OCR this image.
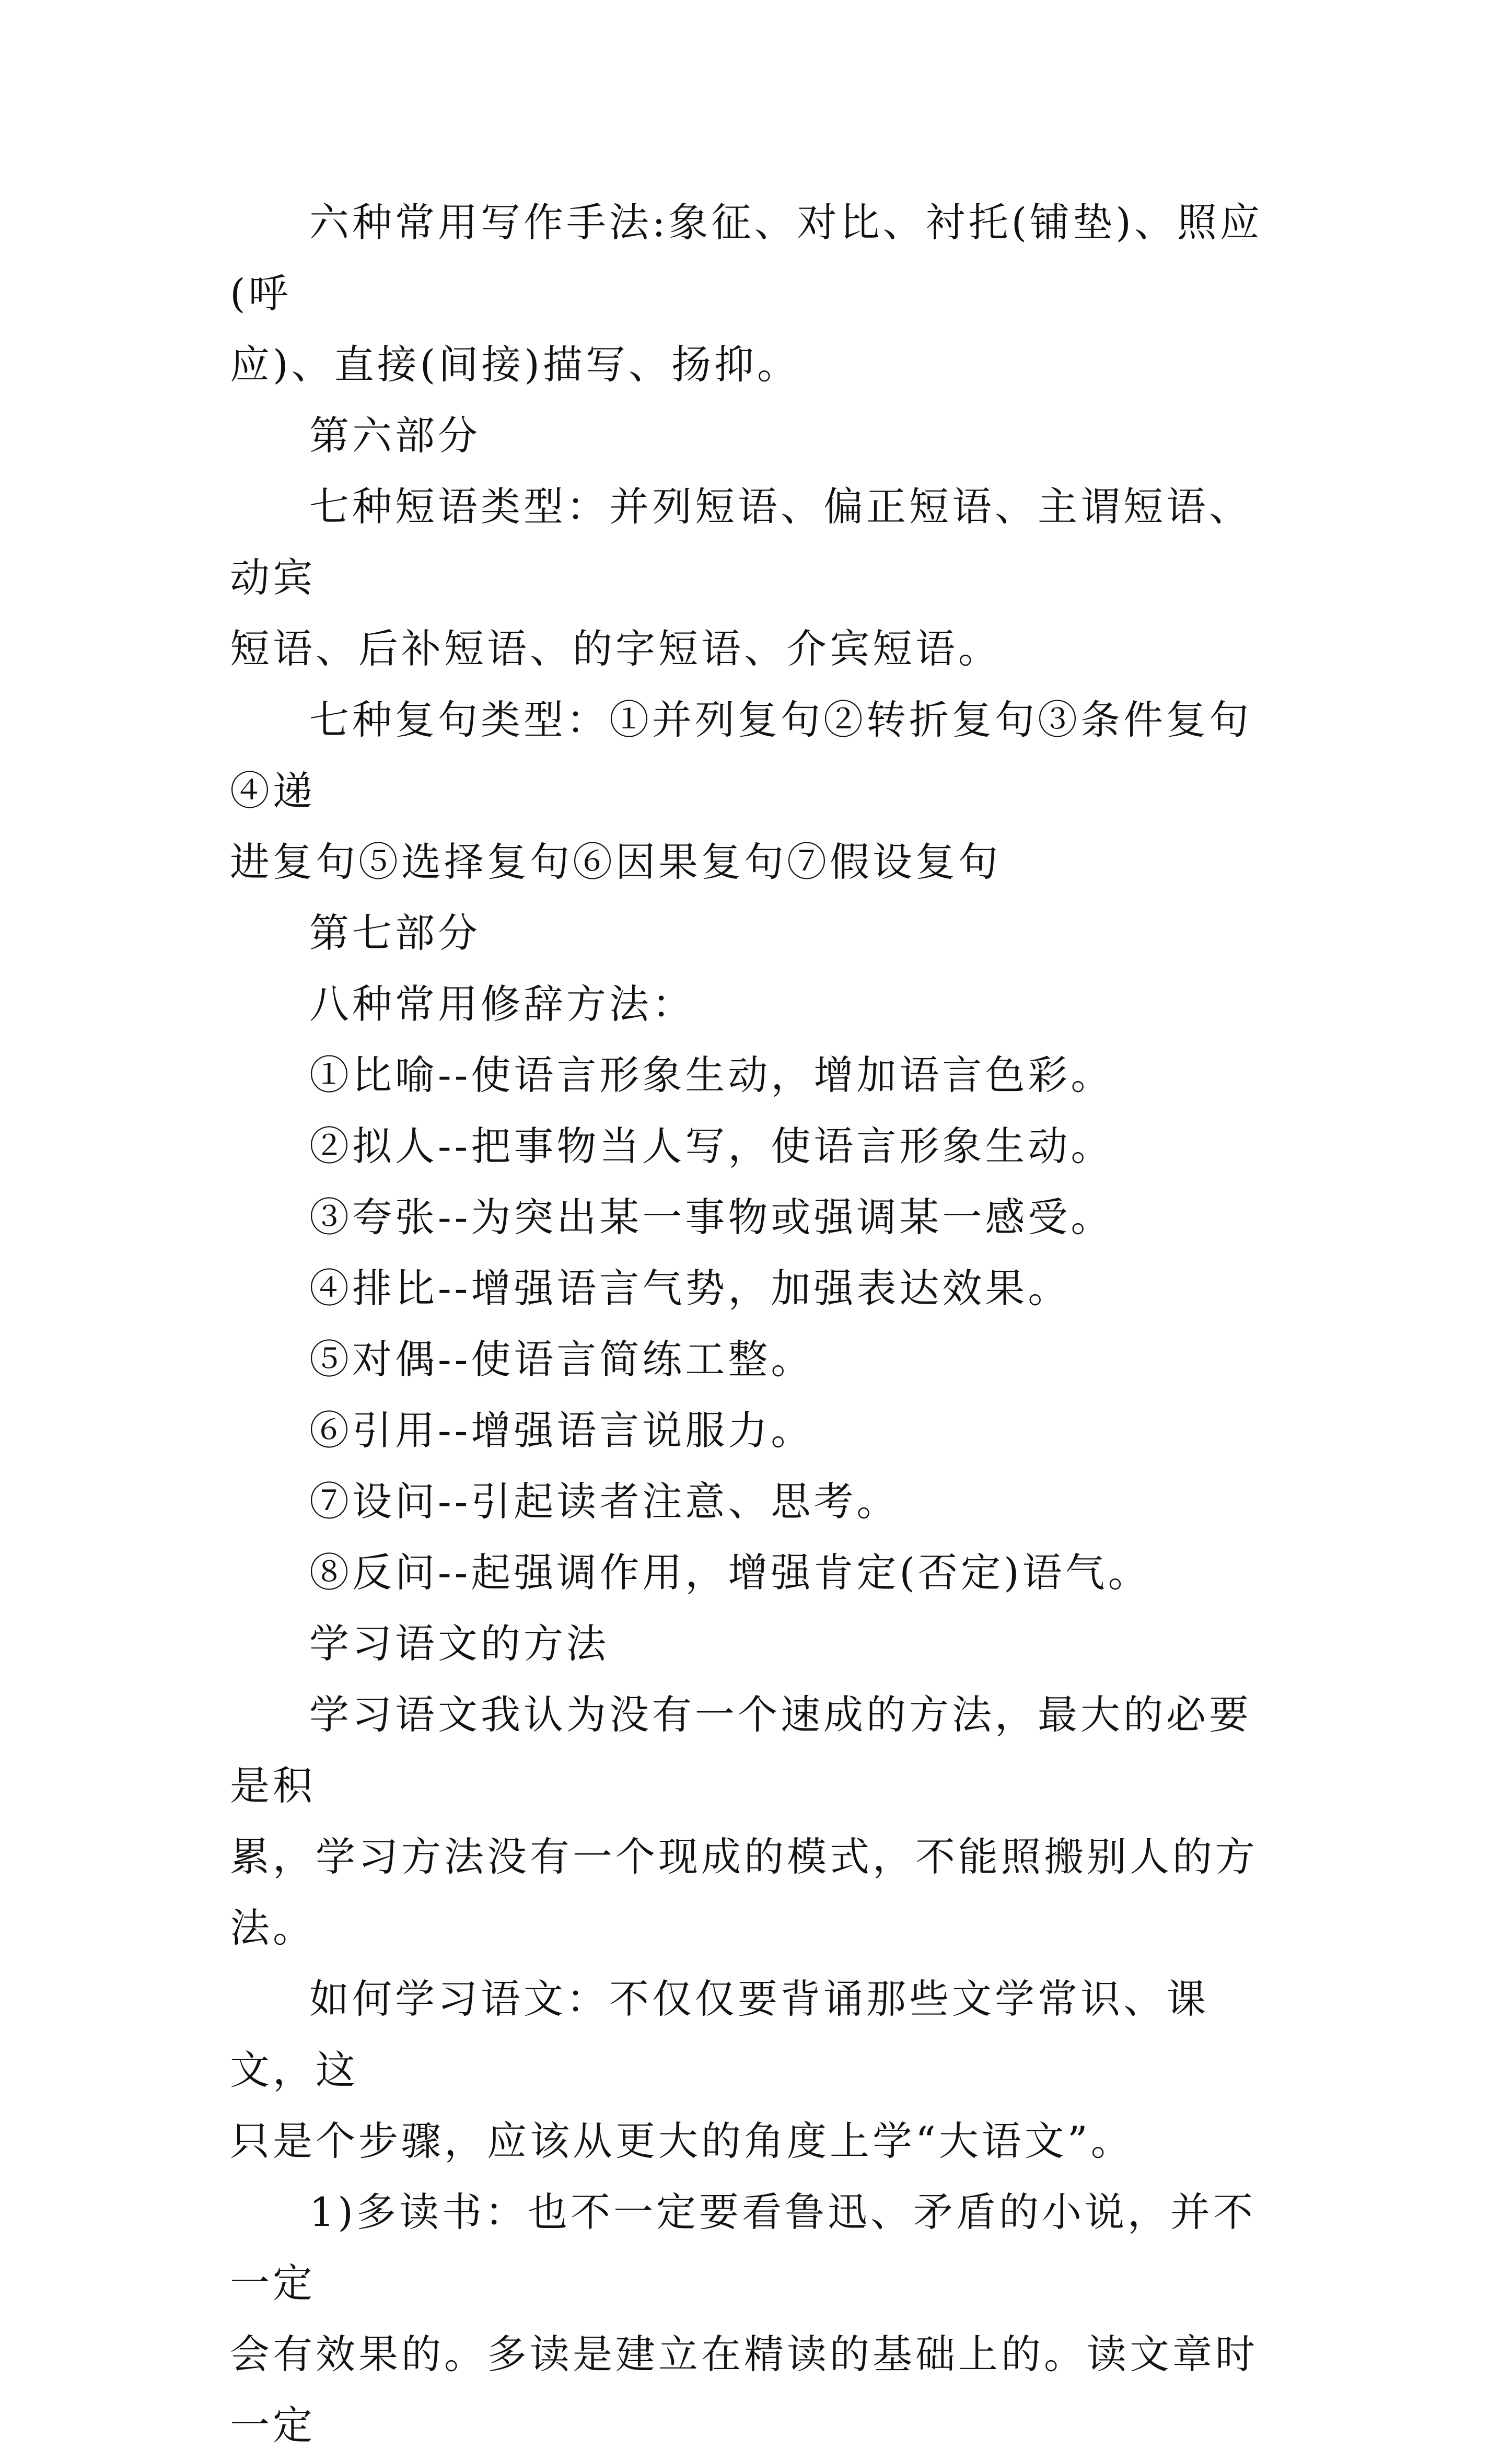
六种常用写作手法:象征、对比、衬托(铺垫)、照应(呼
应)、直接(间接)描写、扬抑。

第六部分

七种短语类型：并列短语、偏正短语、主谓短语、动宾
短语、后补短语、的字短语、介宾短语。

七种复句类型：①并列复句②转折复句③条件复句④递
进复句⑤选择复句⑥因果复句⑦假设复句

第七部分

八种常用修辞方法：

①比喻--使语言形象生动，增加语言色彩。

②拟人--把事物当人写，使语言形象生动。

③夸张--为突出某一事物或强调某一感受。

④排比--增强语言气势，加强表达效果。

⑤对偶--使语言简练工整。

⑥引用--增强语言说服力。

⑦设问--引起读者注意、思考。

⑧反问--起强调作用，增强肯定(否定)语气。

学习语文的方法

学习语文我认为没有一个速成的方法，最大的必要是积
累，学习方法没有一个现成的模式，不能照搬别人的方法。

如何学习语文：不仅仅要背诵那些文学常识、课文，这
只是个步骤，应该从更大的角度上学“大语文”。

1)多读书：也不一定要看鲁迅、矛盾的小说，并不一定
会有效果的。多读是建立在精读的基础上的。读文章时一定
